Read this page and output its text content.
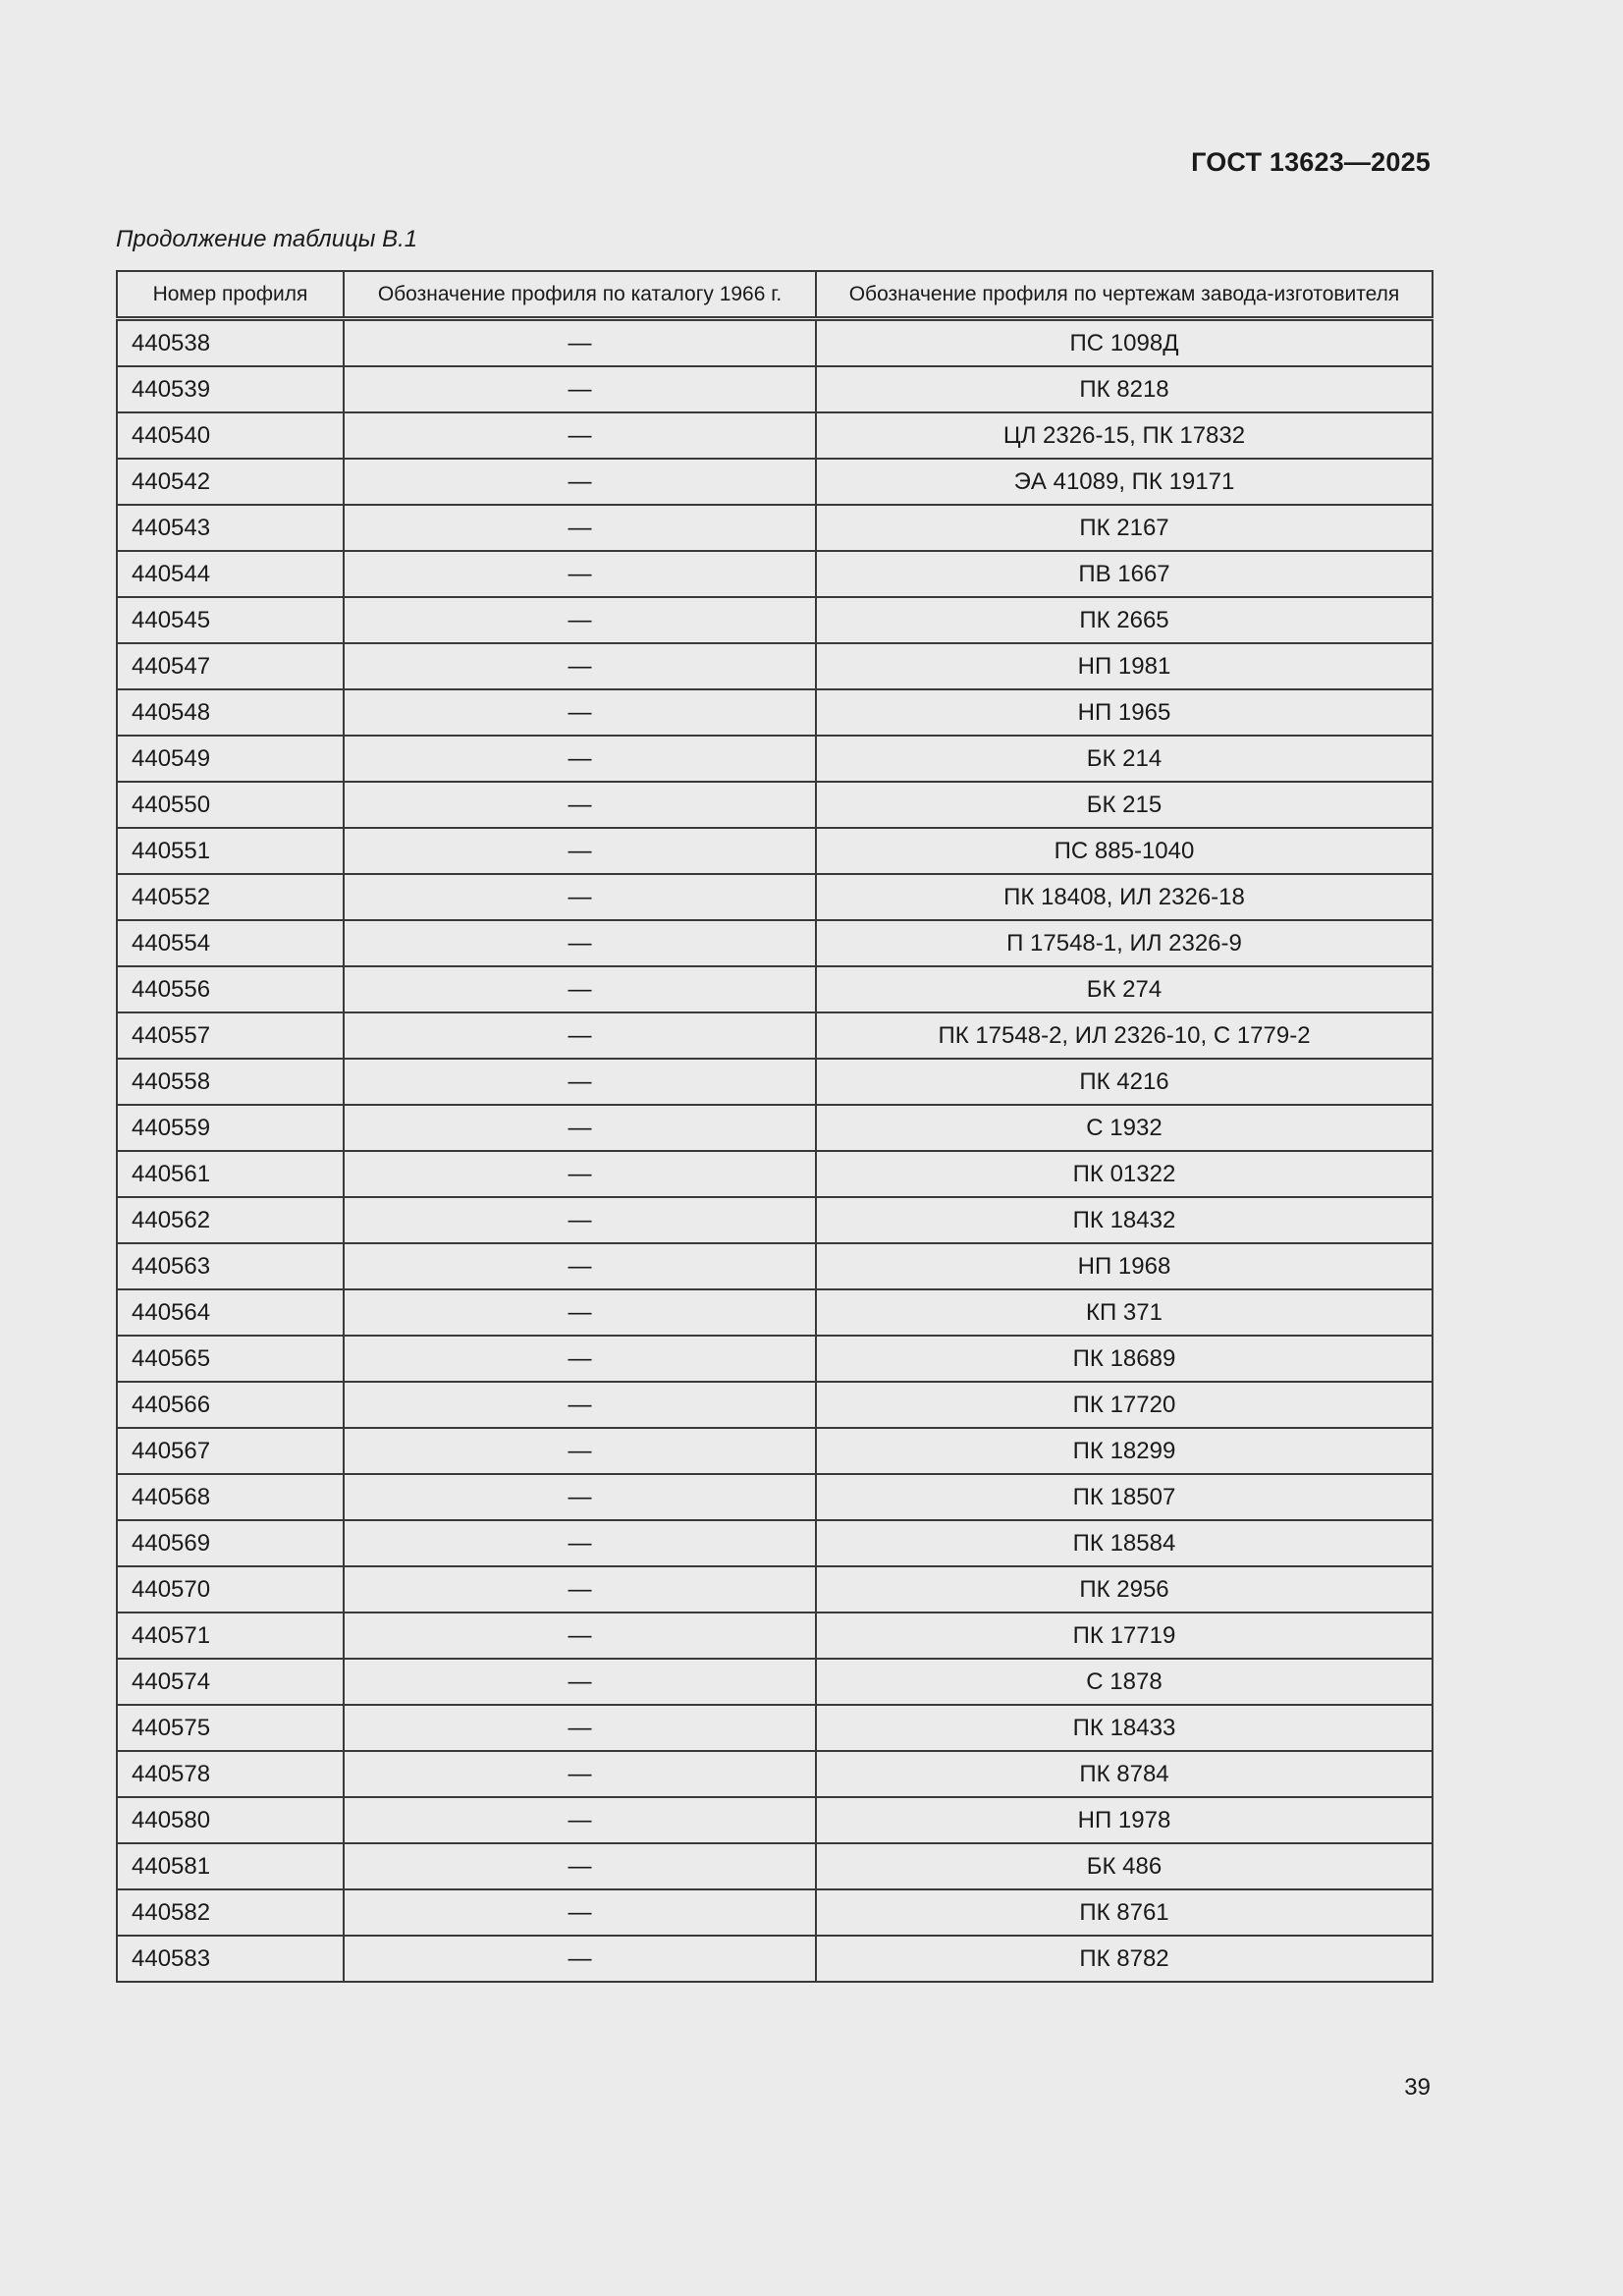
ГОСТ 13623—2025
Продолжение таблицы В.1
Номер профиля	Обозначение профиля по каталогу 1966 г.	Обозначение профиля по чертежам завода-изготовителя
440538	—	ПС 1098Д
440539	—	ПК 8218
440540	—	ЦЛ 2326-15, ПК 17832
440542	—	ЭА 41089, ПК 19171
440543	—	ПК 2167
440544	—	ПВ 1667
440545	—	ПК 2665
440547	—	НП 1981
440548	—	НП 1965
440549	—	БК 214
440550	—	БК 215
440551	—	ПС 885-1040
440552	—	ПК 18408, ИЛ 2326-18
440554	—	П 17548-1, ИЛ 2326-9
440556	—	БК 274
440557	—	ПК 17548-2, ИЛ 2326-10, С 1779-2
440558	—	ПК 4216
440559	—	С 1932
440561	—	ПК 01322
440562	—	ПК 18432
440563	—	НП 1968
440564	—	КП 371
440565	—	ПК 18689
440566	—	ПК 17720
440567	—	ПК 18299
440568	—	ПК 18507
440569	—	ПК 18584
440570	—	ПК 2956
440571	—	ПК 17719
440574	—	С 1878
440575	—	ПК 18433
440578	—	ПК 8784
440580	—	НП 1978
440581	—	БК 486
440582	—	ПК 8761
440583	—	ПК 8782
39
